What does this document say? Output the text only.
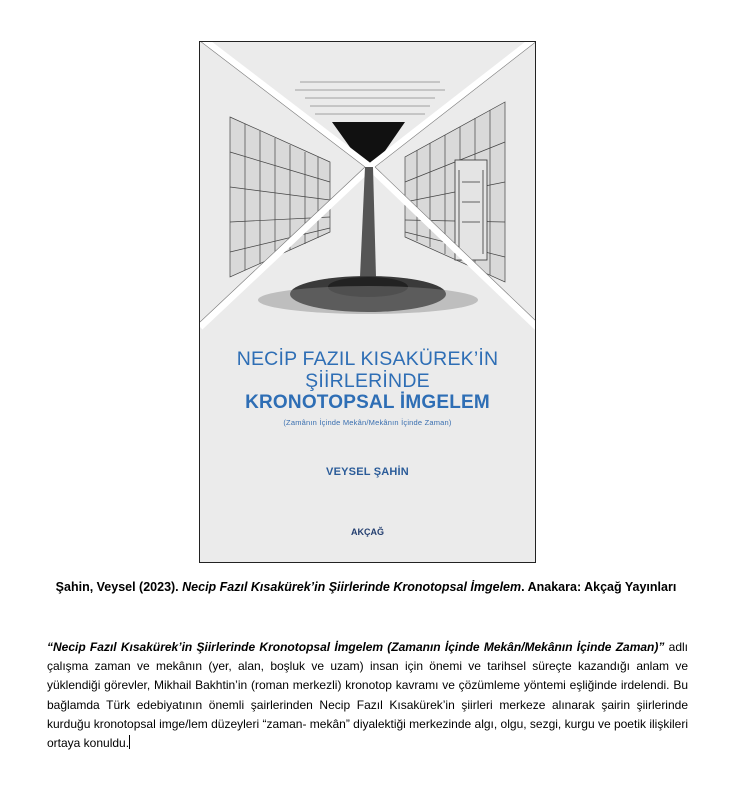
NECİP FAZIL KISAKÜREK’İN
ŞİİRLERİNDE
KRONOTOPSAL İMGELEM
(Zamânın İçinde Mekân/Mekânın İçinde Zaman)
VEYSEL ŞAHİN
AKÇAĞ
Şahin, Veysel (2023). Necip Fazıl Kısakürek’in Şiirlerinde Kronotopsal İmgelem. Anakara: Akçağ Yayınları
“Necip Fazıl Kısakürek’in Şiirlerinde Kronotopsal İmgelem (Zamanın İçinde Mekân/Mekânın İçinde Zaman)” adlı çalışma zaman ve mekânın (yer, alan, boşluk ve uzam) insan için önemi ve tarihsel süreçte kazandığı anlam ve yüklendiği görevler, Mikhail Bakhtin’in (roman merkezli) kronotop kavramı ve çözümleme yöntemi eşliğinde irdelendi. Bu bağlamda Türk edebiyatının önemli şairlerinden Necip Fazıl Kısakürek’in şiirleri merkeze alınarak şairin şiirlerinde kurduğu kronotopsal imge/lem düzeyleri “zaman- mekân” diyalektiği merkezinde algı, olgu, sezgi, kurgu ve poetik ilişkileri ortaya konuldu.
